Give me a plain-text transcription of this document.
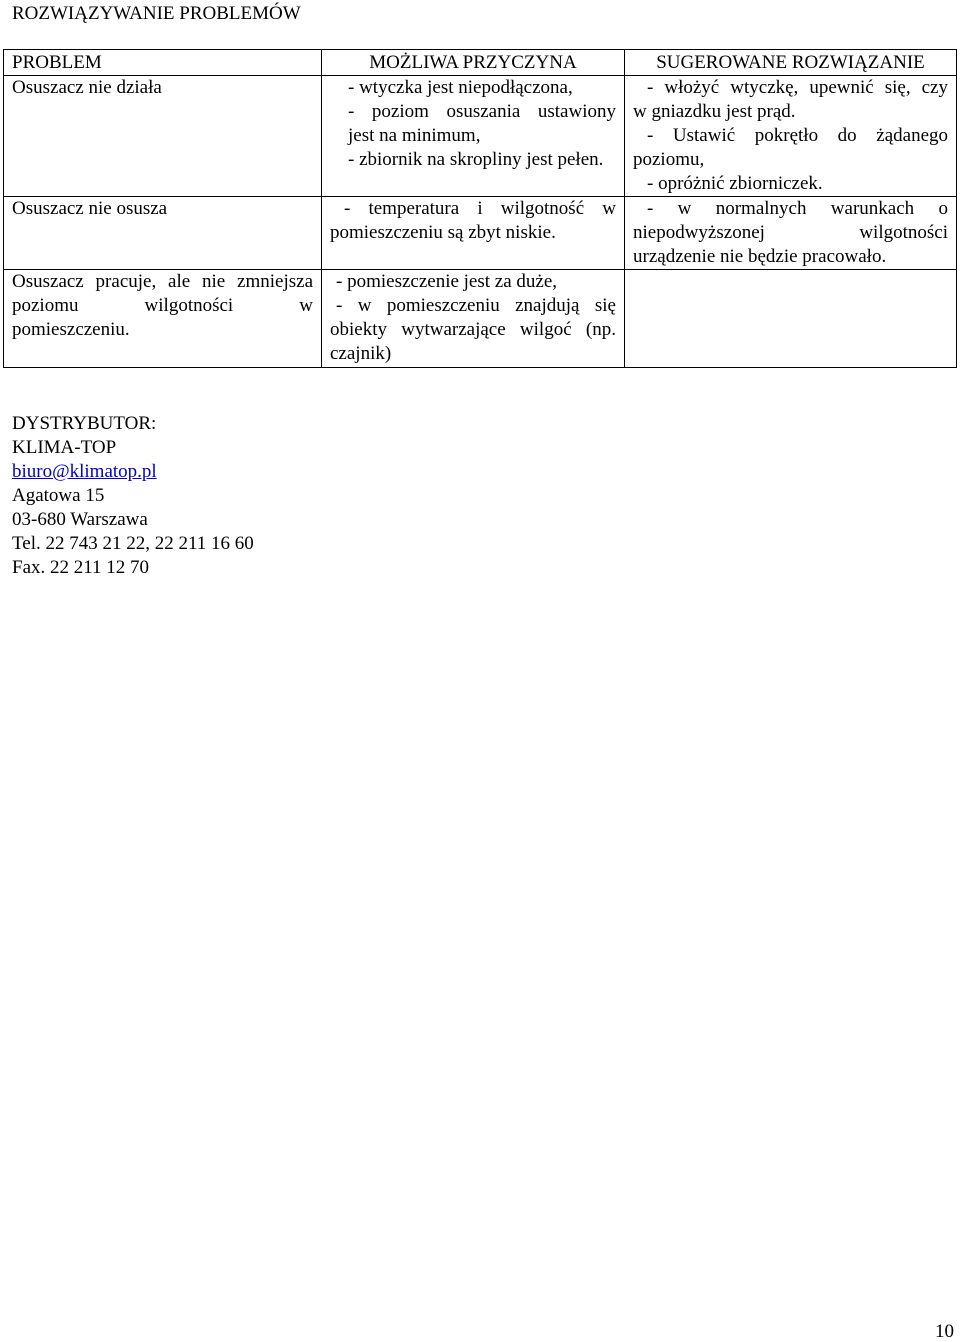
ROZWIĄZYWANIE PROBLEMÓW
PROBLEM	MOŻLIWA PRZYCZYNA	SUGEROWANE ROZWIĄZANIE

Osuszacz nie działa	- wtyczka jest niepodłączona,
- poziom osuszania ustawiony
jest na minimum,
- zbiornik na skropliny jest pełen.	- włożyć wtyczkę, upewnić się, czy
w gniazdku jest prąd.
- Ustawić pokrętło do żądanego
poziomu,
- opróżnić zbiorniczek.

Osuszacz nie osusza	- temperatura i wilgotność w
pomieszczeniu są zbyt niskie.	- w normalnych warunkach o
niepodwyższonej wilgotności
urządzenie nie będzie pracowało.

Osuszacz pracuje, ale nie zmniejsza
poziomu wilgotności w
pomieszczeniu.	- pomieszczenie jest za duże,
- w pomieszczeniu znajdują się
obiekty wytwarzające wilgoć (np.
czajnik)	

DYSTRYBUTOR:
KLIMA-TOP
biuro@klimatop.pl
Agatowa 15
03-680 Warszawa
Tel. 22 743 21 22, 22 211 16 60
Fax. 22 211 12 70
10
